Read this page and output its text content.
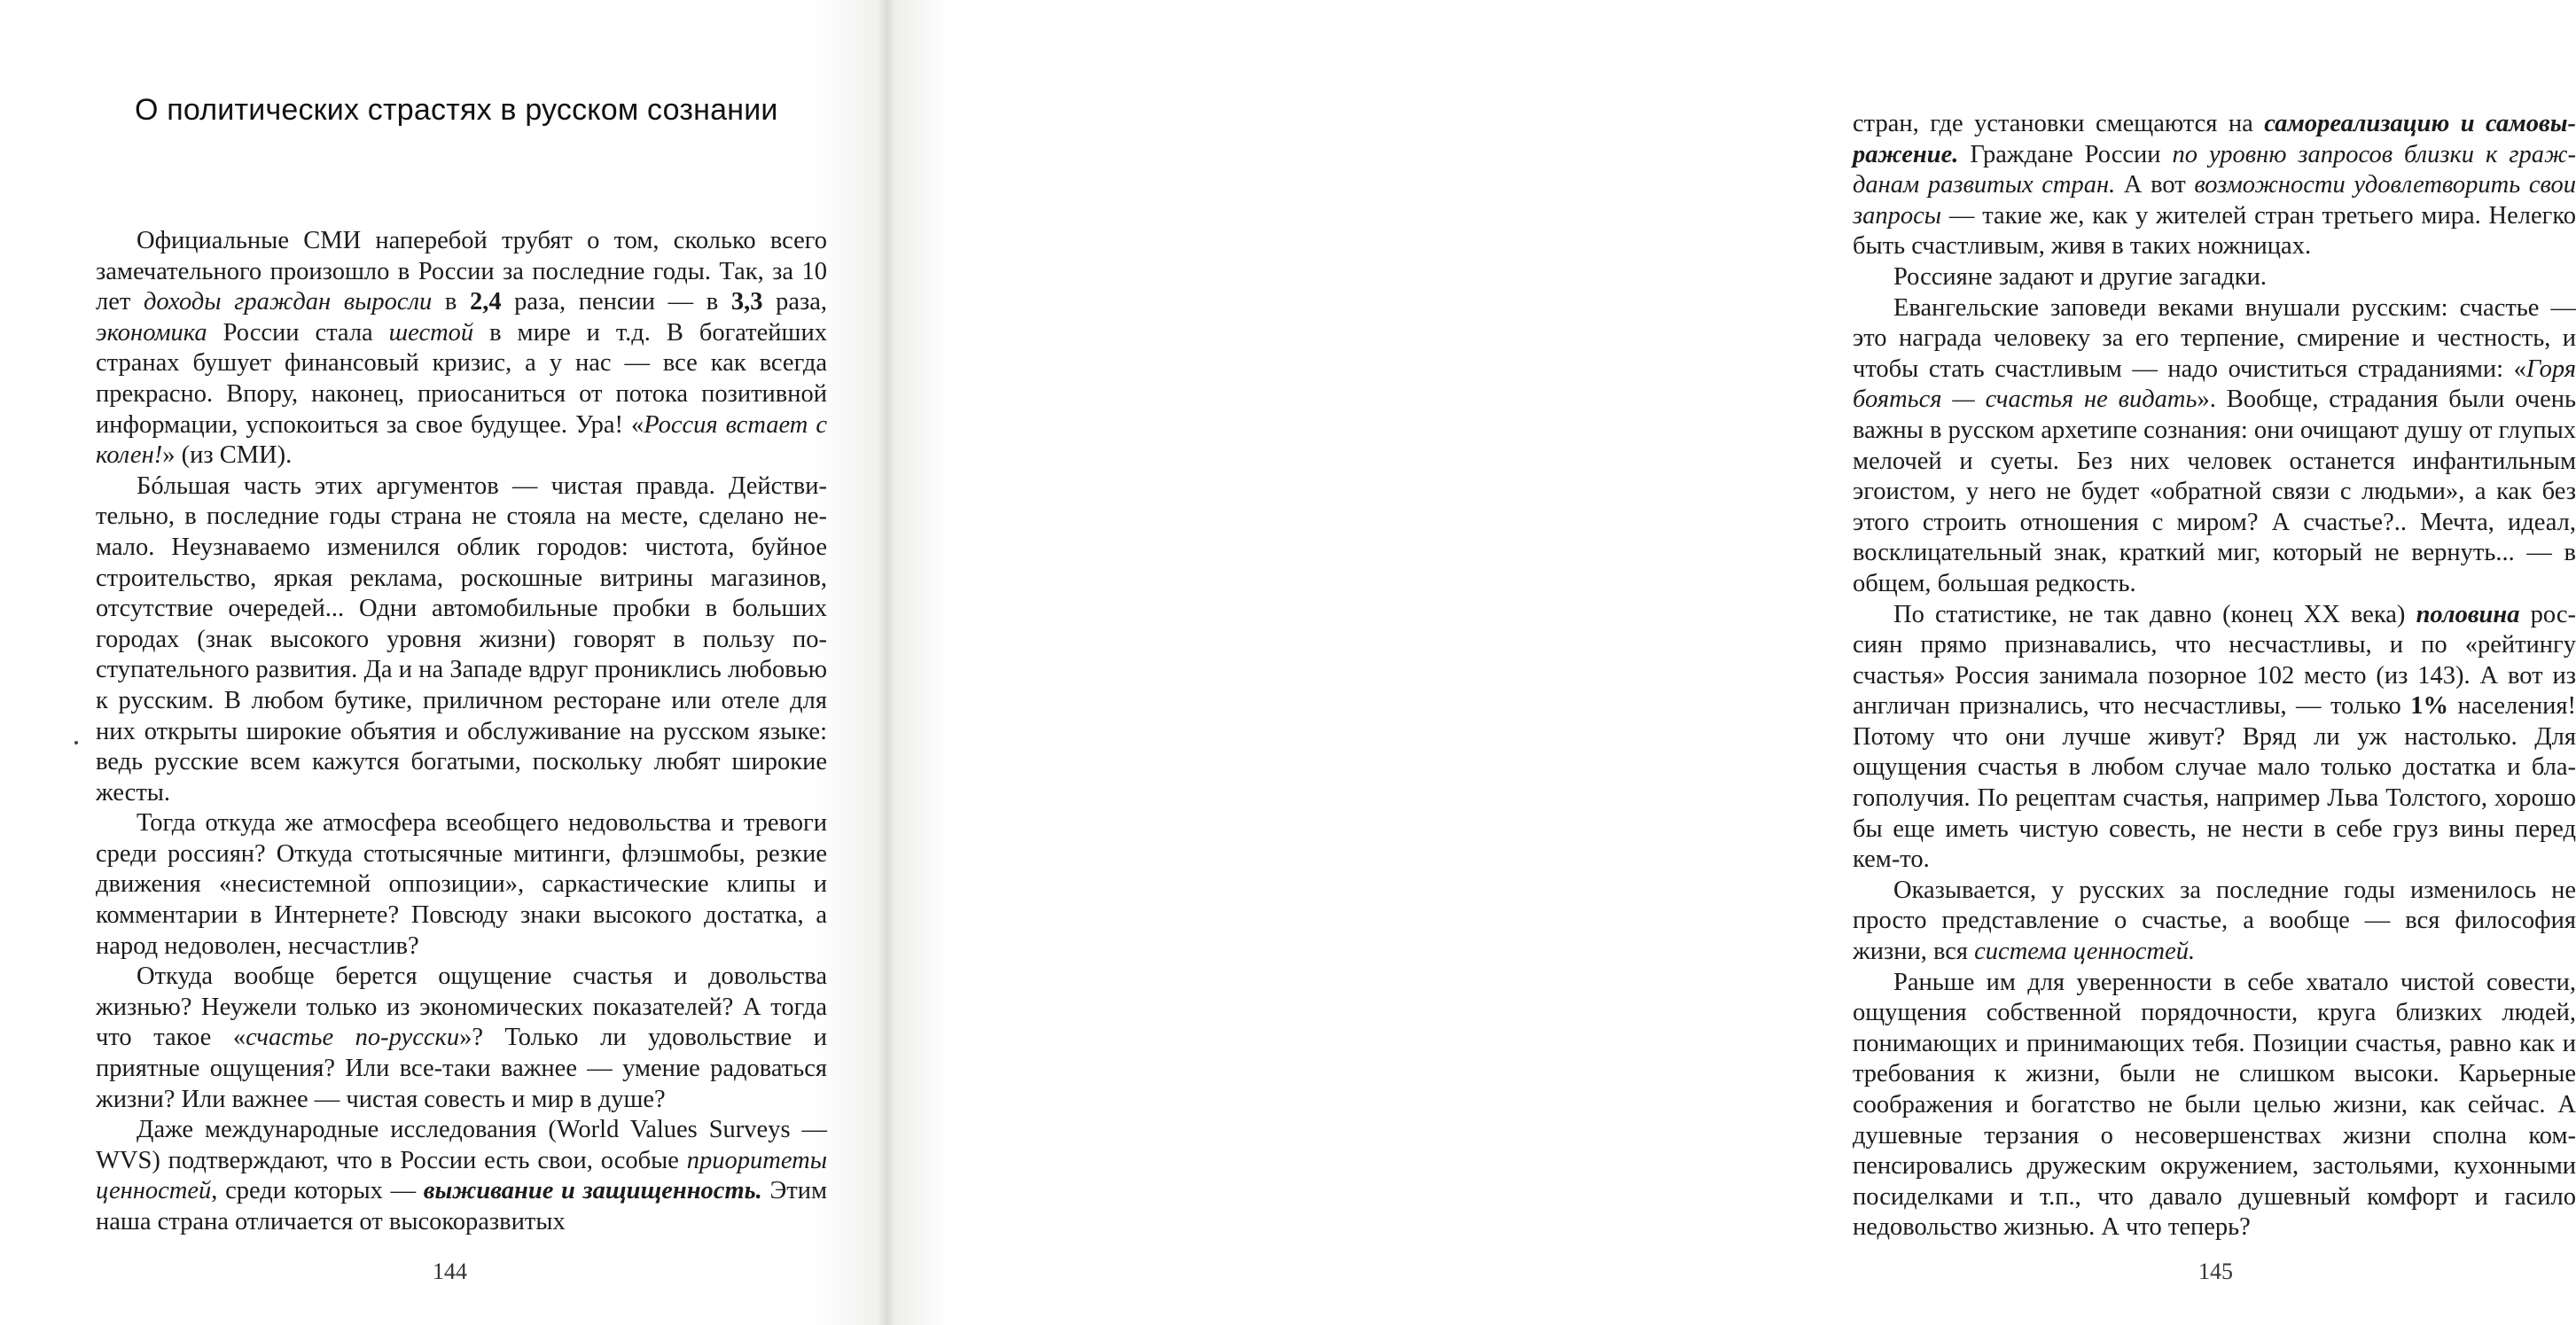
О политических страстях в русском сознании

Официальные СМИ наперебой трубят о том, сколько всего замечательного произошло в России за последние годы. Так, за 10 лет доходы граждан выросли в 2,4 раза, пенсии — в 3,3 раза, экономика России стала шестой в мире и т.д. В богатейших странах бушует финансовый кризис, а у нас — все как всегда прекрасно. Впору, наконец, приосаниться от потока позитивной информации, успокоиться за свое будущее. Ура! «Россия встает с колен!» (из СМИ).

Бóльшая часть этих аргументов — чистая правда. Действительно, в последние годы страна не стояла на месте, сделано немало. Неузнаваемо изменился облик городов: чистота, буйное строительство, яркая реклама, роскошные витрины магазинов, отсутствие очередей... Одни автомобильные пробки в больших городах (знак высокого уровня жизни) говорят в пользу поступательного развития. Да и на Западе вдруг прониклись любовью к русским. В любом бутике, приличном ресторане или отеле для них открыты широкие объятия и обслуживание на русском языке: ведь русские всем кажутся богатыми, поскольку любят широкие жесты.

Тогда откуда же атмосфера всеобщего недовольства и тревоги среди россиян? Откуда стотысячные митинги, флэшмобы, резкие движения «несистемной оппозиции», саркастические клипы и комментарии в Интернете? Повсюду знаки высокого достатка, а народ недоволен, несчастлив?

Откуда вообще берется ощущение счастья и довольства жизнью? Неужели только из экономических показателей? А тогда что такое «счастье по-русски»? Только ли удовольствие и приятные ощущения? Или все-таки важнее — умение радоваться жизни? Или важнее — чистая совесть и мир в душе?

Даже международные исследования (World Values Surveys — WVS) подтверждают, что в России есть свои, особые приоритеты ценностей, среди которых — выживание и защищенность. Этим наша страна отличается от высокоразвитых

144

стран, где установки смещаются на самореализацию и самовыражение. Граждане России по уровню запросов близки к гражданам развитых стран. А вот возможности удовлетворить свои запросы — такие же, как у жителей стран третьего мира. Нелегко быть счастливым, живя в таких ножницах.

Россияне задают и другие загадки.

Евангельские заповеди веками внушали русским: счастье — это награда человеку за его терпение, смирение и честность, и чтобы стать счастливым — надо очиститься страданиями: «Горя бояться — счастья не видать». Вообще, страдания были очень важны в русском архетипе сознания: они очищают душу от глупых мелочей и суеты. Без них человек останется инфантильным эгоистом, у него не будет «обратной связи с людьми», а как без этого строить отношения с миром? А счастье?.. Мечта, идеал, восклицательный знак, краткий миг, который не вернуть... — в общем, большая редкость.

По статистике, не так давно (конец XX века) половина россиян прямо признавались, что несчастливы, и по «рейтингу счастья» Россия занимала позорное 102 место (из 143). А вот из англичан признались, что несчастливы, — только 1% населения! Потому что они лучше живут? Вряд ли уж настолько. Для ощущения счастья в любом случае мало только достатка и благополучия. По рецептам счастья, например Льва Толстого, хорошо бы еще иметь чистую совесть, не нести в себе груз вины перед кем-то.

Оказывается, у русских за последние годы изменилось не просто представление о счастье, а вообще — вся философия жизни, вся система ценностей.

Раньше им для уверенности в себе хватало чистой совести, ощущения собственной порядочности, круга близких людей, понимающих и принимающих тебя. Позиции счастья, равно как и требования к жизни, были не слишком высоки. Карьерные соображения и богатство не были целью жизни, как сейчас. А душевные терзания о несовершенствах жизни сполна компенсировались дружеским окружением, застольями, кухонными посиделками и т.п., что давало душевный комфорт и гасило недовольство жизнью. А что теперь?

145
